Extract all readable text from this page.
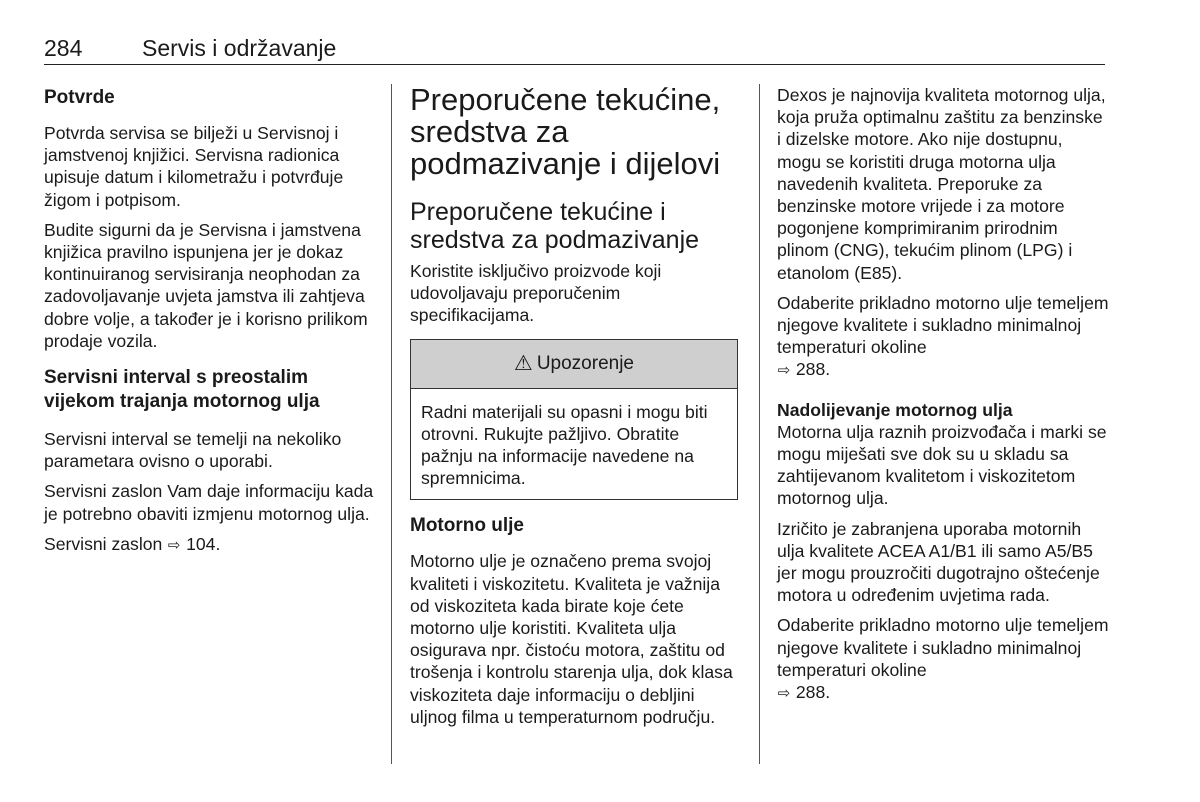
284	Servis i održavanje
Potvrde

Potvrda servisa se bilježi u Servisnoj i jamstvenoj knjižici. Servisna radionica upisuje datum i kilometražu i potvrđuje žigom i potpisom.

Budite sigurni da je Servisna i jamstvena knjižica pravilno ispunjena jer je dokaz kontinuiranog servisiranja neophodan za zadovoljavanje uvjeta jamstva ili zahtjeva dobre volje, a također je i korisno prilikom prodaje vozila.

Servisni interval s preostalim vijekom trajanja motornog ulja

Servisni interval se temelji na nekoliko parametara ovisno o uporabi.

Servisni zaslon Vam daje informaciju kada je potrebno obaviti izmjenu motornog ulja.

Servisni zaslon ⇨ 104.

Preporučene tekućine, sredstva za podmazivanje i dijelovi
Preporučene tekućine i sredstva za podmazivanje

Koristite isključivo proizvode koji udovoljavaju preporučenim specifikacijama.

⚠ Upozorenje

Radni materijali su opasni i mogu biti otrovni. Rukujte pažljivo. Obratite pažnju na informacije navedene na spremnicima.

Motorno ulje

Motorno ulje je označeno prema svojoj kvaliteti i viskozitetu. Kvaliteta je važnija od viskoziteta kada birate koje ćete motorno ulje koristiti. Kvaliteta ulja osigurava npr. čistoću motora, zaštitu od trošenja i kontrolu starenja ulja, dok klasa viskoziteta daje informaciju o debljini uljnog filma u temperaturnom području.

Dexos je najnovija kvaliteta motornog ulja, koja pruža optimalnu zaštitu za benzinske i dizelske motore. Ako nije dostupnu, mogu se koristiti druga motorna ulja navedenih kvaliteta. Preporuke za benzinske motore vrijede i za motore pogonjene komprimiranim prirodnim plinom (CNG), tekućim plinom (LPG) i etanolom (E85).

Odaberite prikladno motorno ulje temeljem njegove kvalitete i sukladno minimalnoj temperaturi okoline
⇨ 288.

Nadolijevanje motornog ulja

Motorna ulja raznih proizvođača i marki se mogu miješati sve dok su u skladu sa zahtijevanom kvalitetom i viskozitetom motornog ulja.

Izričito je zabranjena uporaba motornih ulja kvalitete ACEA A1/B1 ili samo A5/B5 jer mogu prouzročiti dugotrajno oštećenje motora u određenim uvjetima rada.

Odaberite prikladno motorno ulje temeljem njegove kvalitete i sukladno minimalnoj temperaturi okoline
⇨ 288.
